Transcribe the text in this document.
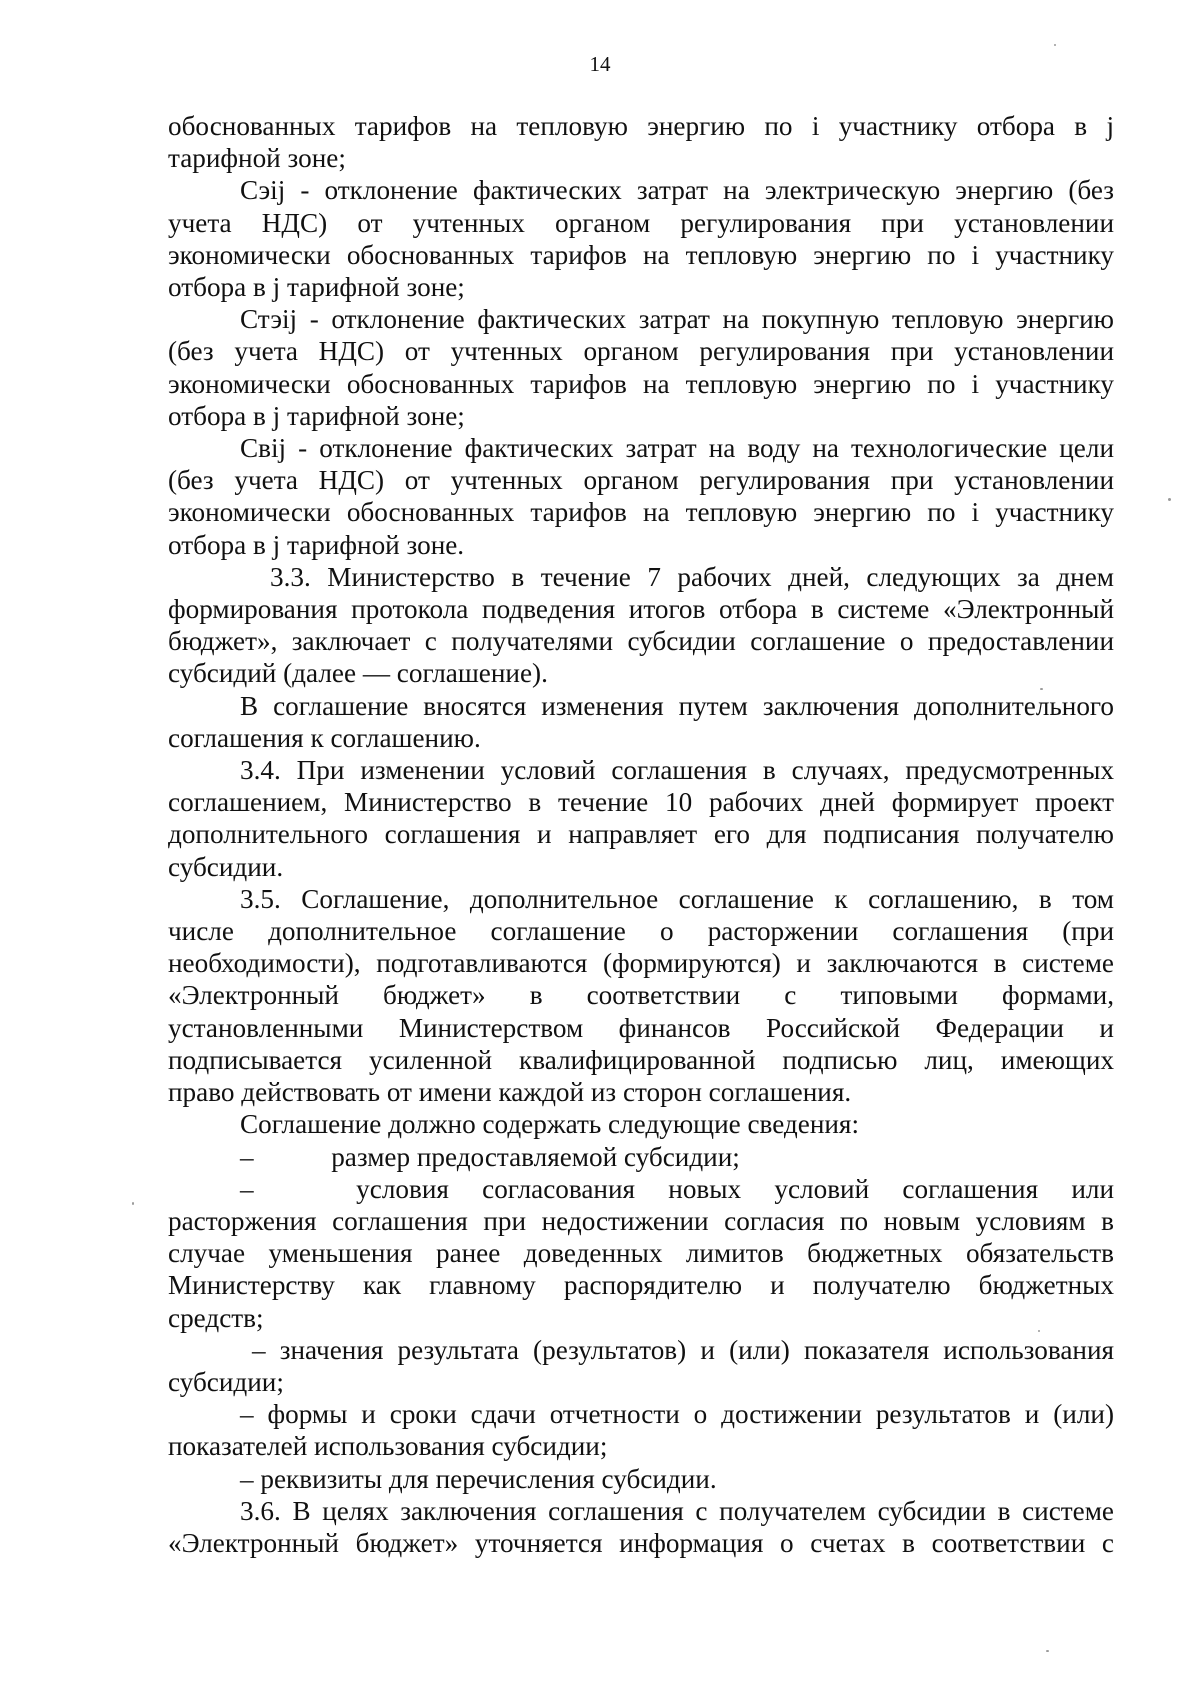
14

обоснованных тарифов на тепловую энергию по i участнику отбора в j

тарифной зоне;

Сэij - отклонение фактических затрат на электрическую энергию (без

учета НДС) от учтенных органом регулирования при установлении

экономически обоснованных тарифов на тепловую энергию по i участнику

отбора в j тарифной зоне;

Стэij - отклонение фактических затрат на покупную тепловую энергию

(без учета НДС) от учтенных органом регулирования при установлении

экономически обоснованных тарифов на тепловую энергию по i участнику

отбора в j тарифной зоне;

Свij - отклонение фактических затрат на воду на технологические цели

(без учета НДС) от учтенных органом регулирования при установлении

экономически обоснованных тарифов на тепловую энергию по i участнику

отбора в j тарифной зоне.

3.3. Министерство в течение 7 рабочих дней, следующих за днем

формирования протокола подведения итогов отбора в системе «Электронный

бюджет», заключает с получателями субсидии соглашение о предоставлении

субсидий (далее — соглашение).

В соглашение вносятся изменения путем заключения дополнительного

соглашения к соглашению.

3.4. При изменении условий соглашения в случаях, предусмотренных

соглашением, Министерство в течение 10 рабочих дней формирует проект

дополнительного соглашения и направляет его для подписания получателю

субсидии.

3.5. Соглашение, дополнительное соглашение к соглашению, в том

числе дополнительное соглашение о расторжении соглашения (при

необходимости), подготавливаются (формируются) и заключаются в системе

«Электронный бюджет» в соответствии с типовыми формами,

установленными Министерством финансов Российской Федерации и

подписывается усиленной квалифицированной подписью лиц, имеющих

право действовать от имени каждой из сторон соглашения.

Соглашение должно содержать следующие сведения:

–	размер предоставляемой субсидии;

–	условия согласования новых условий соглашения или

расторжения соглашения при недостижении согласия по новым условиям в

случае уменьшения ранее доведенных лимитов бюджетных обязательств

Министерству как главному распорядителю и получателю бюджетных

средств;

– значения результата (результатов) и (или) показателя использования

субсидии;

– формы и сроки сдачи отчетности о достижении результатов и (или)

показателей использования субсидии;

– реквизиты для перечисления субсидии.

3.6. В целях заключения соглашения с получателем субсидии в системе

«Электронный бюджет» уточняется информация о счетах в соответствии с
